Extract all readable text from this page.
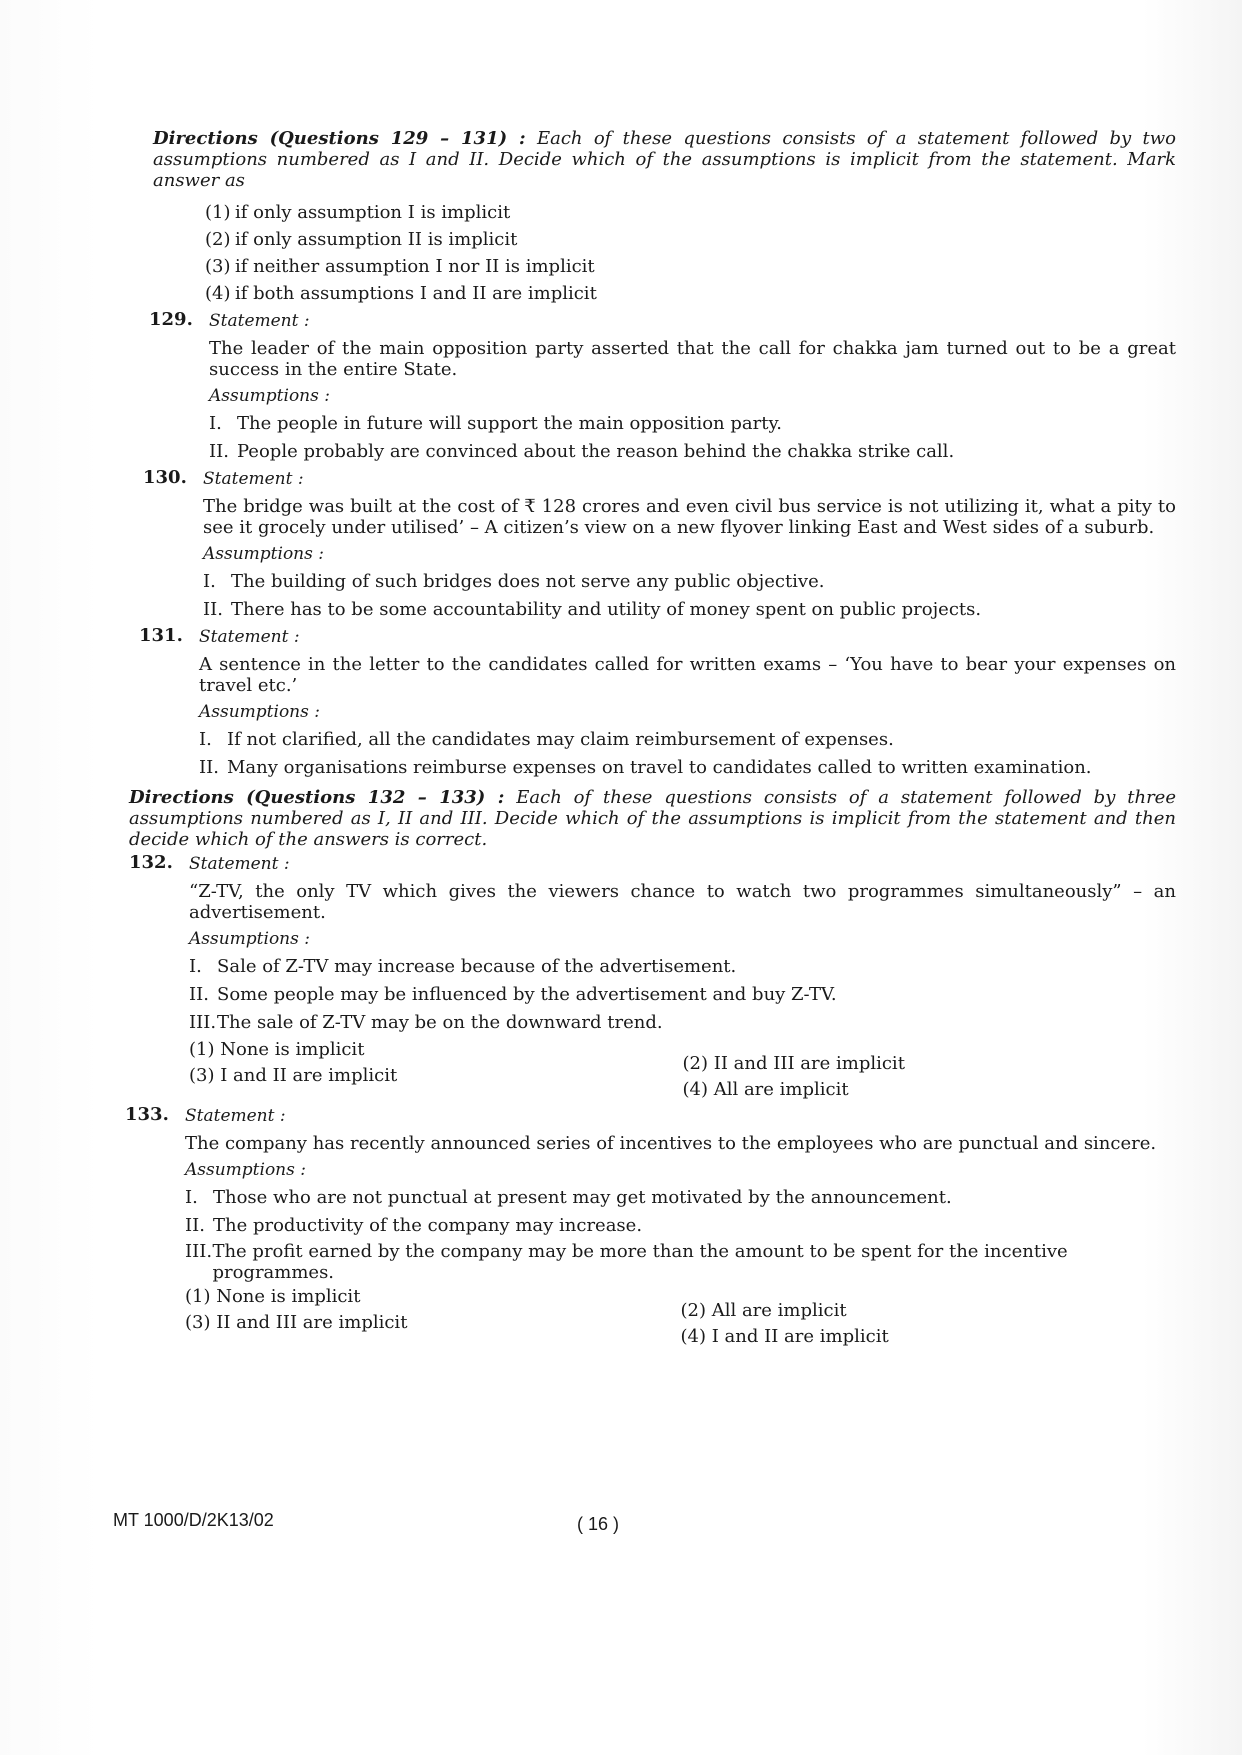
Directions (Questions 129 – 131) : Each of these questions consists of a statement followed by two assumptions numbered as I and II. Decide which of the assumptions is implicit from the statement. Mark answer as
(1) if only assumption I is implicit
(2) if only assumption II is implicit
(3) if neither assumption I nor II is implicit
(4) if both assumptions I and II are implicit
129. Statement :
The leader of the main opposition party asserted that the call for chakka jam turned out to be a great success in the entire State.
Assumptions :
I. The people in future will support the main opposition party.
II. People probably are convinced about the reason behind the chakka strike call.
130. Statement :
The bridge was built at the cost of ₹ 128 crores and even civil bus service is not utilizing it, what a pity to see it grocely under utilised’ – A citizen’s view on a new flyover linking East and West sides of a suburb.
Assumptions :
I. The building of such bridges does not serve any public objective.
II. There has to be some accountability and utility of money spent on public projects.
131. Statement :
A sentence in the letter to the candidates called for written exams – ‘You have to bear your expenses on travel etc.’
Assumptions :
I. If not clarified, all the candidates may claim reimbursement of expenses.
II. Many organisations reimburse expenses on travel to candidates called to written examination.
Directions (Questions 132 – 133) : Each of these questions consists of a statement followed by three assumptions numbered as I, II and III. Decide which of the assumptions is implicit from the statement and then decide which of the answers is correct.
132. Statement :
“Z-TV, the only TV which gives the viewers chance to watch two programmes simultaneously” – an advertisement.
Assumptions :
I. Sale of Z-TV may increase because of the advertisement.
II. Some people may be influenced by the advertisement and buy Z-TV.
III.The sale of Z-TV may be on the downward trend.
(1) None is implicit
(2) II and III are implicit
(3) I and II are implicit
(4) All are implicit
133. Statement :
The company has recently announced series of incentives to the employees who are punctual and sincere.
Assumptions :
I. Those who are not punctual at present may get motivated by the announcement.
II. The productivity of the company may increase.
III. The profit earned by the company may be more than the amount to be spent for the incentive programmes.
(1) None is implicit
(2) All are implicit
(3) II and III are implicit
(4) I and II are implicit
MT 1000/D/2K13/02	( 16 )
